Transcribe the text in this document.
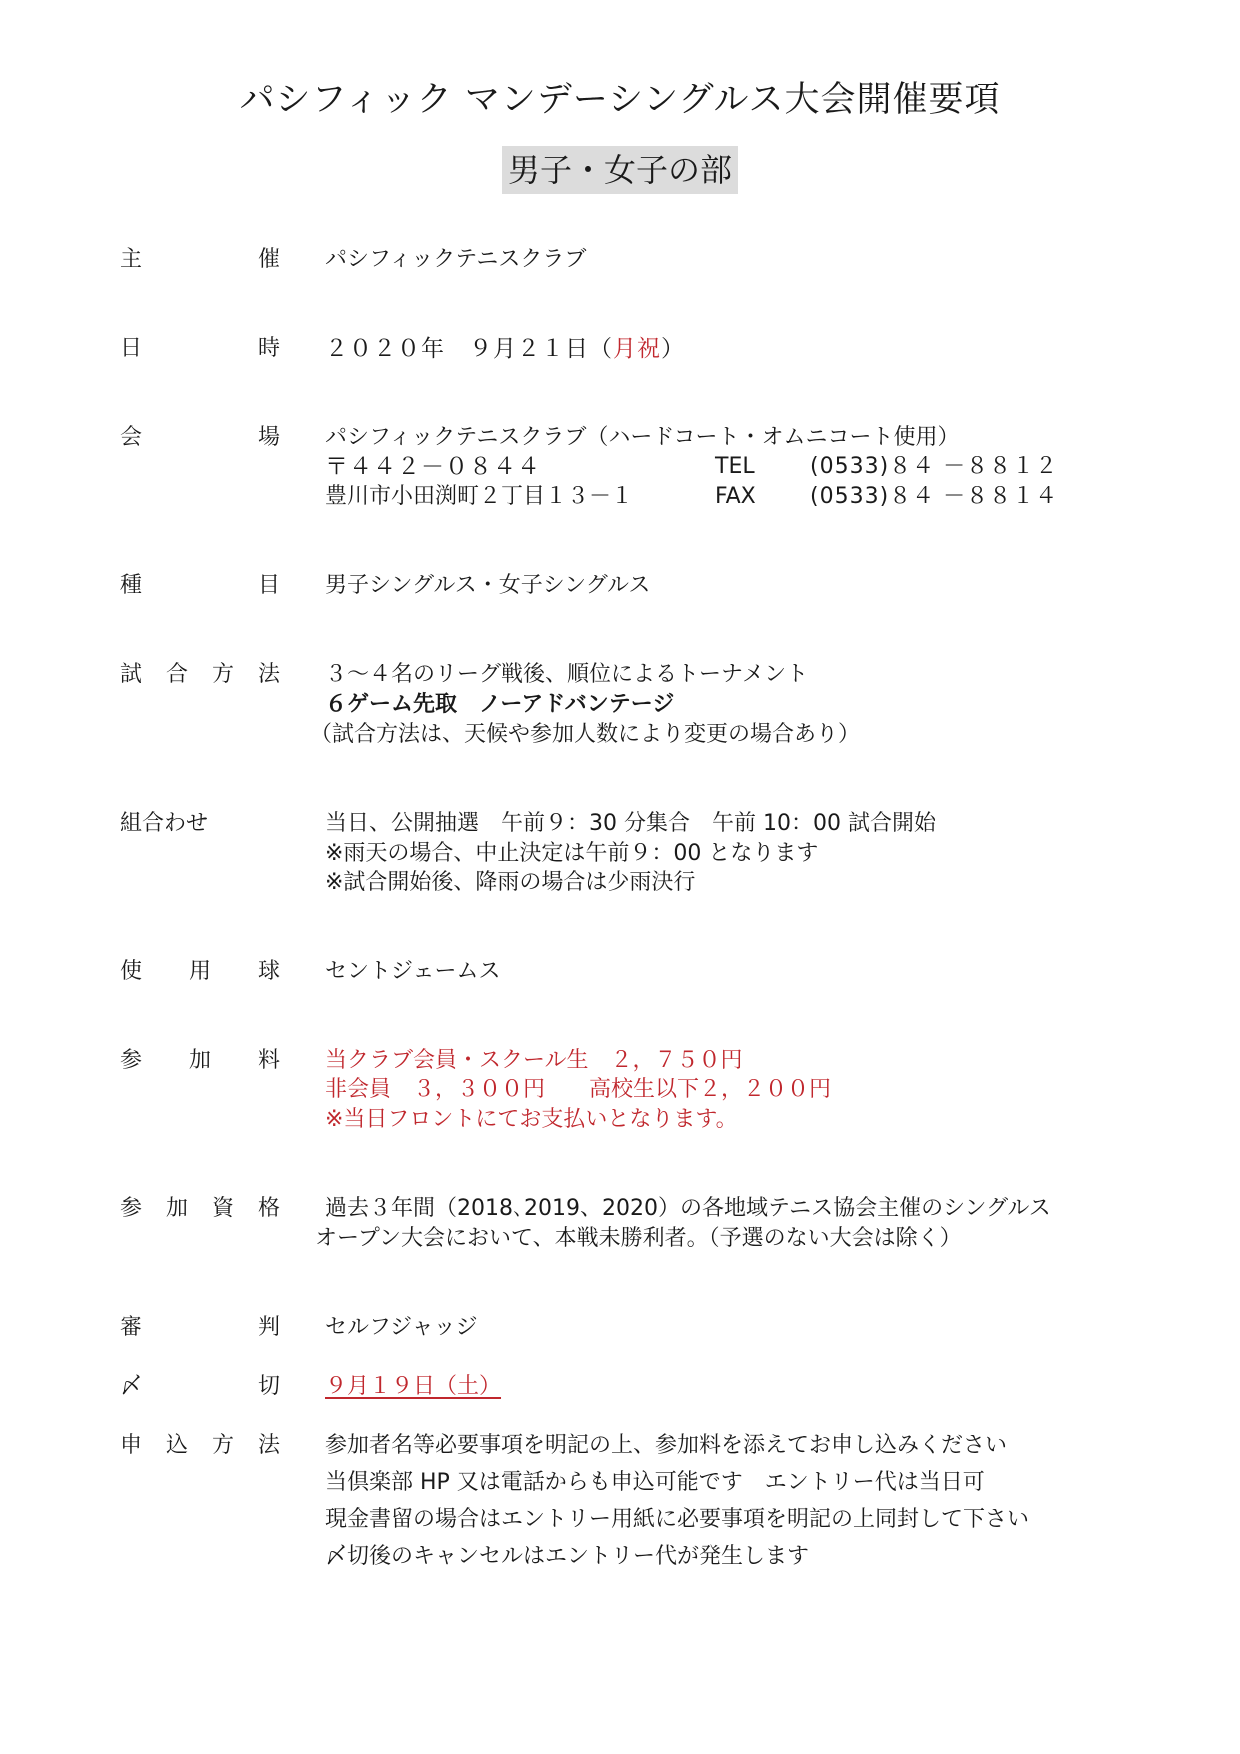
パシフィック マンデーシングルス大会開催要項
男子・女子の部
主	催 パシフィックテニスクラブ
日	時 ２０２０年　９月２１日（月祝）
会	場 パシフィックテニスクラブ（ハードコート・オムニコート使用）
〒４４２－０８４４	TEL	(0533)８４ －８８１２
豊川市小田渕町２丁目１３－１	FAX (0533)８４ －８８１４
種	目 男子シングルス・女子シングルス
試 合 方 法 ３～４名のリーグ戦後、順位によるトーナメント
６ゲーム先取　ノーアドバンテージ
（試合方法は、天候や参加人数により変更の場合あり）
組合わせ	当日、公開抽選　午前９：30 分集合　午前 10：00 試合開始
※雨天の場合、中止決定は午前９：00 となります
※試合開始後、降雨の場合は少雨決行
使 用 球 セントジェームス
参 加 料 当クラブ会員・スクール生　２，７５０円
非会員　３，３００円　　高校生以下２，２００円
※当日フロントにてお支払いとなります。
参 加 資 格 過去３年間（2018､2019、2020）の各地域テニス協会主催のシングルス
オープン大会において、本戦未勝利者。（予選のない大会は除く）
審	判 セルフジャッジ
〆	切 ９月１９日（土）
申 込 方 法 参加者名等必要事項を明記の上、参加料を添えてお申し込みください
当倶楽部 HP 又は電話からも申込可能です　エントリー代は当日可
現金書留の場合はエントリー用紙に必要事項を明記の上同封して下さい
〆切後のキャンセルはエントリー代が発生します
